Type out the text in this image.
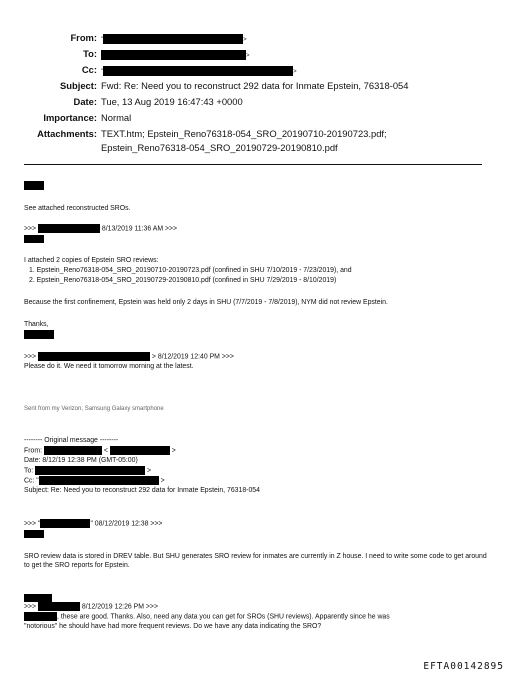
From: "	>
To:	>
Cc: "	>
Subject: Fwd: Re: Need you to reconstruct 292 data for Inmate Epstein, 76318-054
Date: Tue, 13 Aug 2019 16:47:43 +0000
Importance: Normal
Attachments: TEXT.htm; Epstein_Reno76318-054_SRO_20190710-20190723.pdf;
Epstein_Reno76318-054_SRO_20190729-20190810.pdf
See attached reconstructed SROs.
>>>	8/13/2019 11:36 AM >>>
I attached 2 copies of Epstein SRO reviews:
1. Epstein_Reno76318-054_SRO_20190710-20190723.pdf (confined in SHU 7/10/2019 - 7/23/2019), and
2. Epstein_Reno76318-054_SRO_20190729-20190810.pdf (confined in SHU 7/29/2019 - 8/10/2019)
Because the first confinement, Epstein was held only 2 days in SHU (7/7/2019 - 7/8/2019), NYM did not review Epstein.
Thanks,
>>>	> 8/12/2019 12:40 PM >>>
Please do it. We need it tomorrow morning at the latest.
Sent from my Verizon, Samsung Galaxy smartphone
-------- Original message --------
From:	<	>
Date: 8/12/19 12:38 PM (GMT-05:00)
To:	>
Cc: "	>
Subject: Re: Need you to reconstruct 292 data for Inmate Epstein, 76318-054
>>> "	" 08/12/2019 12:38 >>>
SRO review data is stored in DREV table. But SHU generates SRO review for inmates are currently in Z house. I need to write some code to get around to get the SRO reports for Epstein.
>>>	8/12/2019 12:26 PM >>>
, these are good. Thanks. Also, need any data you can get for SROs (SHU reviews). Apparently since he was
"notorious" he should have had more frequent reviews. Do we have any data indicating the SRO?
EFTA00142895
